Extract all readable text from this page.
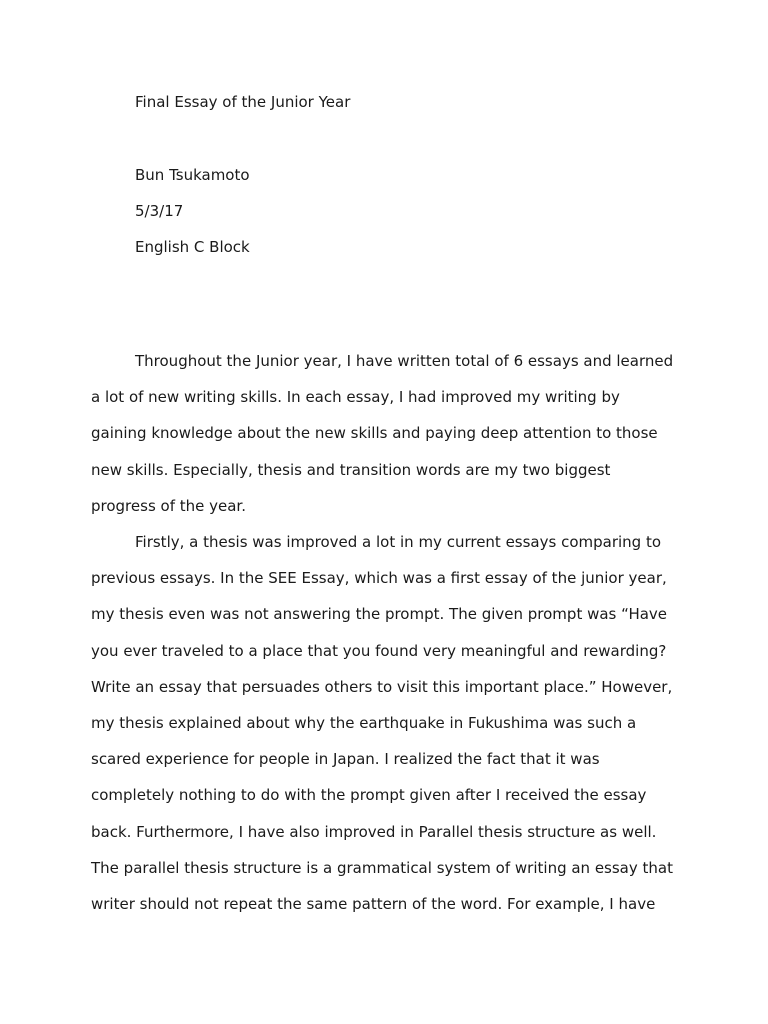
Final Essay of the Junior Year
Bun Tsukamoto
5/3/17
English C Block

Throughout the Junior year, I have written total of 6 essays and learned
a lot of new writing skills. In each essay, I had improved my writing by
gaining knowledge about the new skills and paying deep attention to those
new skills. Especially, thesis and transition words are my two biggest
progress of the year.

Firstly, a thesis was improved a lot in my current essays comparing to
previous essays. In the SEE Essay, which was a first essay of the junior year,
my thesis even was not answering the prompt. The given prompt was “Have
you ever traveled to a place that you found very meaningful and rewarding?
Write an essay that persuades others to visit this important place.” However,
my thesis explained about why the earthquake in Fukushima was such a
scared experience for people in Japan. I realized the fact that it was
completely nothing to do with the prompt given after I received the essay
back. Furthermore, I have also improved in Parallel thesis structure as well.
The parallel thesis structure is a grammatical system of writing an essay that
writer should not repeat the same pattern of the word. For example, I have
